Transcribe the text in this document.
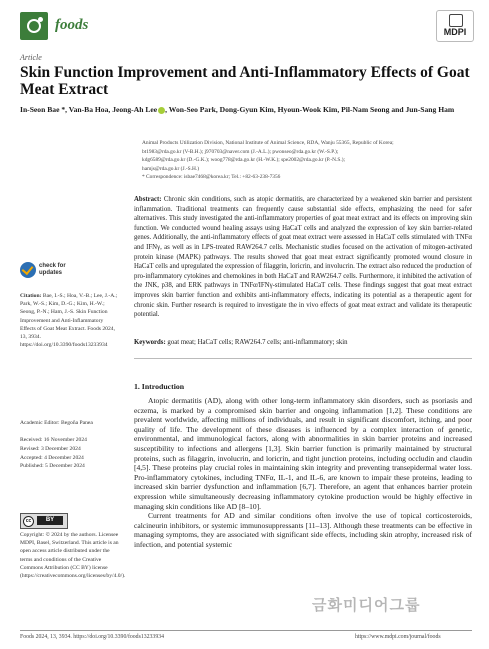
foods	MDPI
Article
Skin Function Improvement and Anti-Inflammatory Effects of Goat Meat Extract
In-Seon Bae *, Van-Ba Hoa, Jeong-Ah Lee , Won-Seo Park, Dong-Gyun Kim, Hyoun-Wook Kim, Pil-Nam Seong and Jun-Sang Ham
Animal Products Utilization Division, National Institute of Animal Science, RDA, Wanju 55365, Republic of Korea;
bt1983@rda.go.kr (V-B.H.); j970703@naver.com (J.-A.L.); pwonseo@rda.go.kr (W.-S.P.);
kdg6589@rda.go.kr (D.-G.K.); woog778@rda.go.kr (H.-W.K.); spe2002@rda.go.kr (P.-N.S.);
hamjs@rda.go.kr (J.-S.H.)
* Correspondence: isbae7468@korea.kr; Tel.: +82-63-238-7356
Abstract: Chronic skin conditions, such as atopic dermatitis, are characterized by a weakened skin barrier and persistent inflammation. Traditional treatments can frequently cause substantial side effects, emphasizing the need for safer alternatives. This study investigated the anti-inflammatory properties of goat meat extract and its effects on improving skin function. We conducted wound healing assays using HaCaT cells and analyzed the expression of key skin barrier-related genes. Additionally, the anti-inflammatory effects of goat meat extract were assessed in HaCaT cells stimulated with TNFα and IFNγ, as well as in LPS-treated RAW264.7 cells. Mechanistic studies focused on the activation of mitogen-activated protein kinase (MAPK) pathways. The results showed that goat meat extract significantly promoted wound closure in HaCaT cells and upregulated the expression of filaggrin, loricrin, and involucrin. The extract also reduced the production of pro-inflammatory cytokines and chemokines in both HaCaT and RAW264.7 cells. Furthermore, it inhibited the activation of the JNK, p38, and ERK pathways in TNFα/IFNγ-stimulated HaCaT cells. These findings suggest that goat meat extract improves skin barrier function and exhibits anti-inflammatory effects, indicating its potential as a therapeutic agent for chronic skin. Further research is required to investigate the in vivo effects of goat meat extract and validate its therapeutic potential.
Keywords: goat meat; HaCaT cells; RAW264.7 cells; anti-inflammatory; skin
check for
updates
Citation: Bae, I.-S.; Hoa, V.-B.; Lee, J.-A.; Park, W.-S.; Kim, D.-G.; Kim, H.-W.; Seong, P.-N.; Ham, J.-S. Skin Function Improvement and Anti-Inflammatory Effects of Goat Meat Extract. Foods 2024, 13, 3934. https://doi.org/10.3390/foods13233934
Academic Editor: Begoña Panea
Received: 16 November 2024
Revised: 3 December 2024
Accepted: 4 December 2024
Published: 5 December 2024
cc	BY
Copyright: © 2024 by the authors. Licensee MDPI, Basel, Switzerland. This article is an open access article distributed under the terms and conditions of the Creative Commons Attribution (CC BY) license (https://creativecommons.org/licenses/by/4.0/).
1. Introduction

Atopic dermatitis (AD), along with other long-term inflammatory skin disorders, such as psoriasis and eczema, is marked by a compromised skin barrier and ongoing inflammation [1,2]. These conditions are prevalent worldwide, affecting millions of individuals, and result in significant discomfort, itching, and poor quality of life. The development of these diseases is influenced by a complex interaction of genetic, environmental, and immunological factors, along with abnormalities in skin barrier proteins and increased susceptibility to infections and allergens [1,3]. Skin barrier function is primarily maintained by structural proteins, such as filaggrin, involucrin, and loricrin, and tight junction proteins, including occludin and claudin [4,5]. These proteins play crucial roles in maintaining skin integrity and preventing transepidermal water loss. Pro-inflammatory cytokines, including TNFα, IL-1, and IL-6, are known to impair these proteins, leading to increased skin barrier dysfunction and inflammation [6,7]. Therefore, an agent that enhances barrier protein expression while simultaneously decreasing inflammatory cytokine production would be highly effective in managing skin conditions like AD [8–10].

Current treatments for AD and similar conditions often involve the use of topical corticosteroids, calcineurin inhibitors, or systemic immunosuppressants [11–13]. Although these treatments can be effective in managing symptoms, they are associated with significant side effects, including skin atrophy, increased risk of infection, and potential systemic

금화미디어그룹
Foods 2024, 13, 3934. https://doi.org/10.3390/foods13233934	https://www.mdpi.com/journal/foods
